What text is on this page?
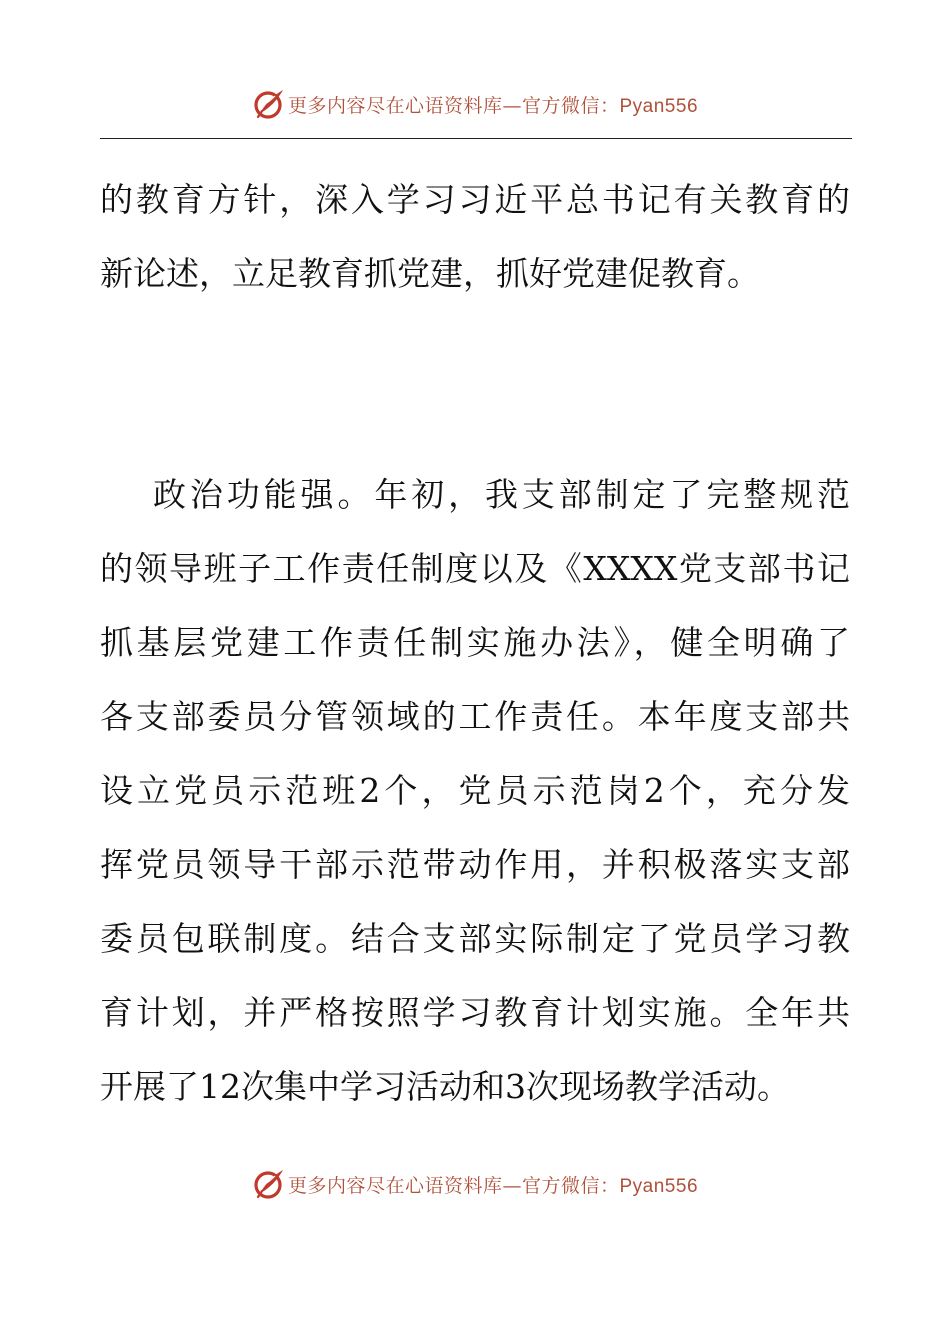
更多内容尽在心语资料库—官方微信：Pyan556
的教育方针，深入学习习近平总书记有关教育的
新论述，立足教育抓党建，抓好党建促教育。
政治功能强。年初，我支部制定了完整规范
的领导班子工作责任制度以及《XXXX党支部书记
抓基层党建工作责任制实施办法》，健全明确了
各支部委员分管领域的工作责任。本年度支部共
设立党员示范班2个，党员示范岗2个，充分发
挥党员领导干部示范带动作用，并积极落实支部
委员包联制度。结合支部实际制定了党员学习教
育计划，并严格按照学习教育计划实施。全年共
开展了12次集中学习活动和3次现场教学活动。
更多内容尽在心语资料库—官方微信：Pyan556
